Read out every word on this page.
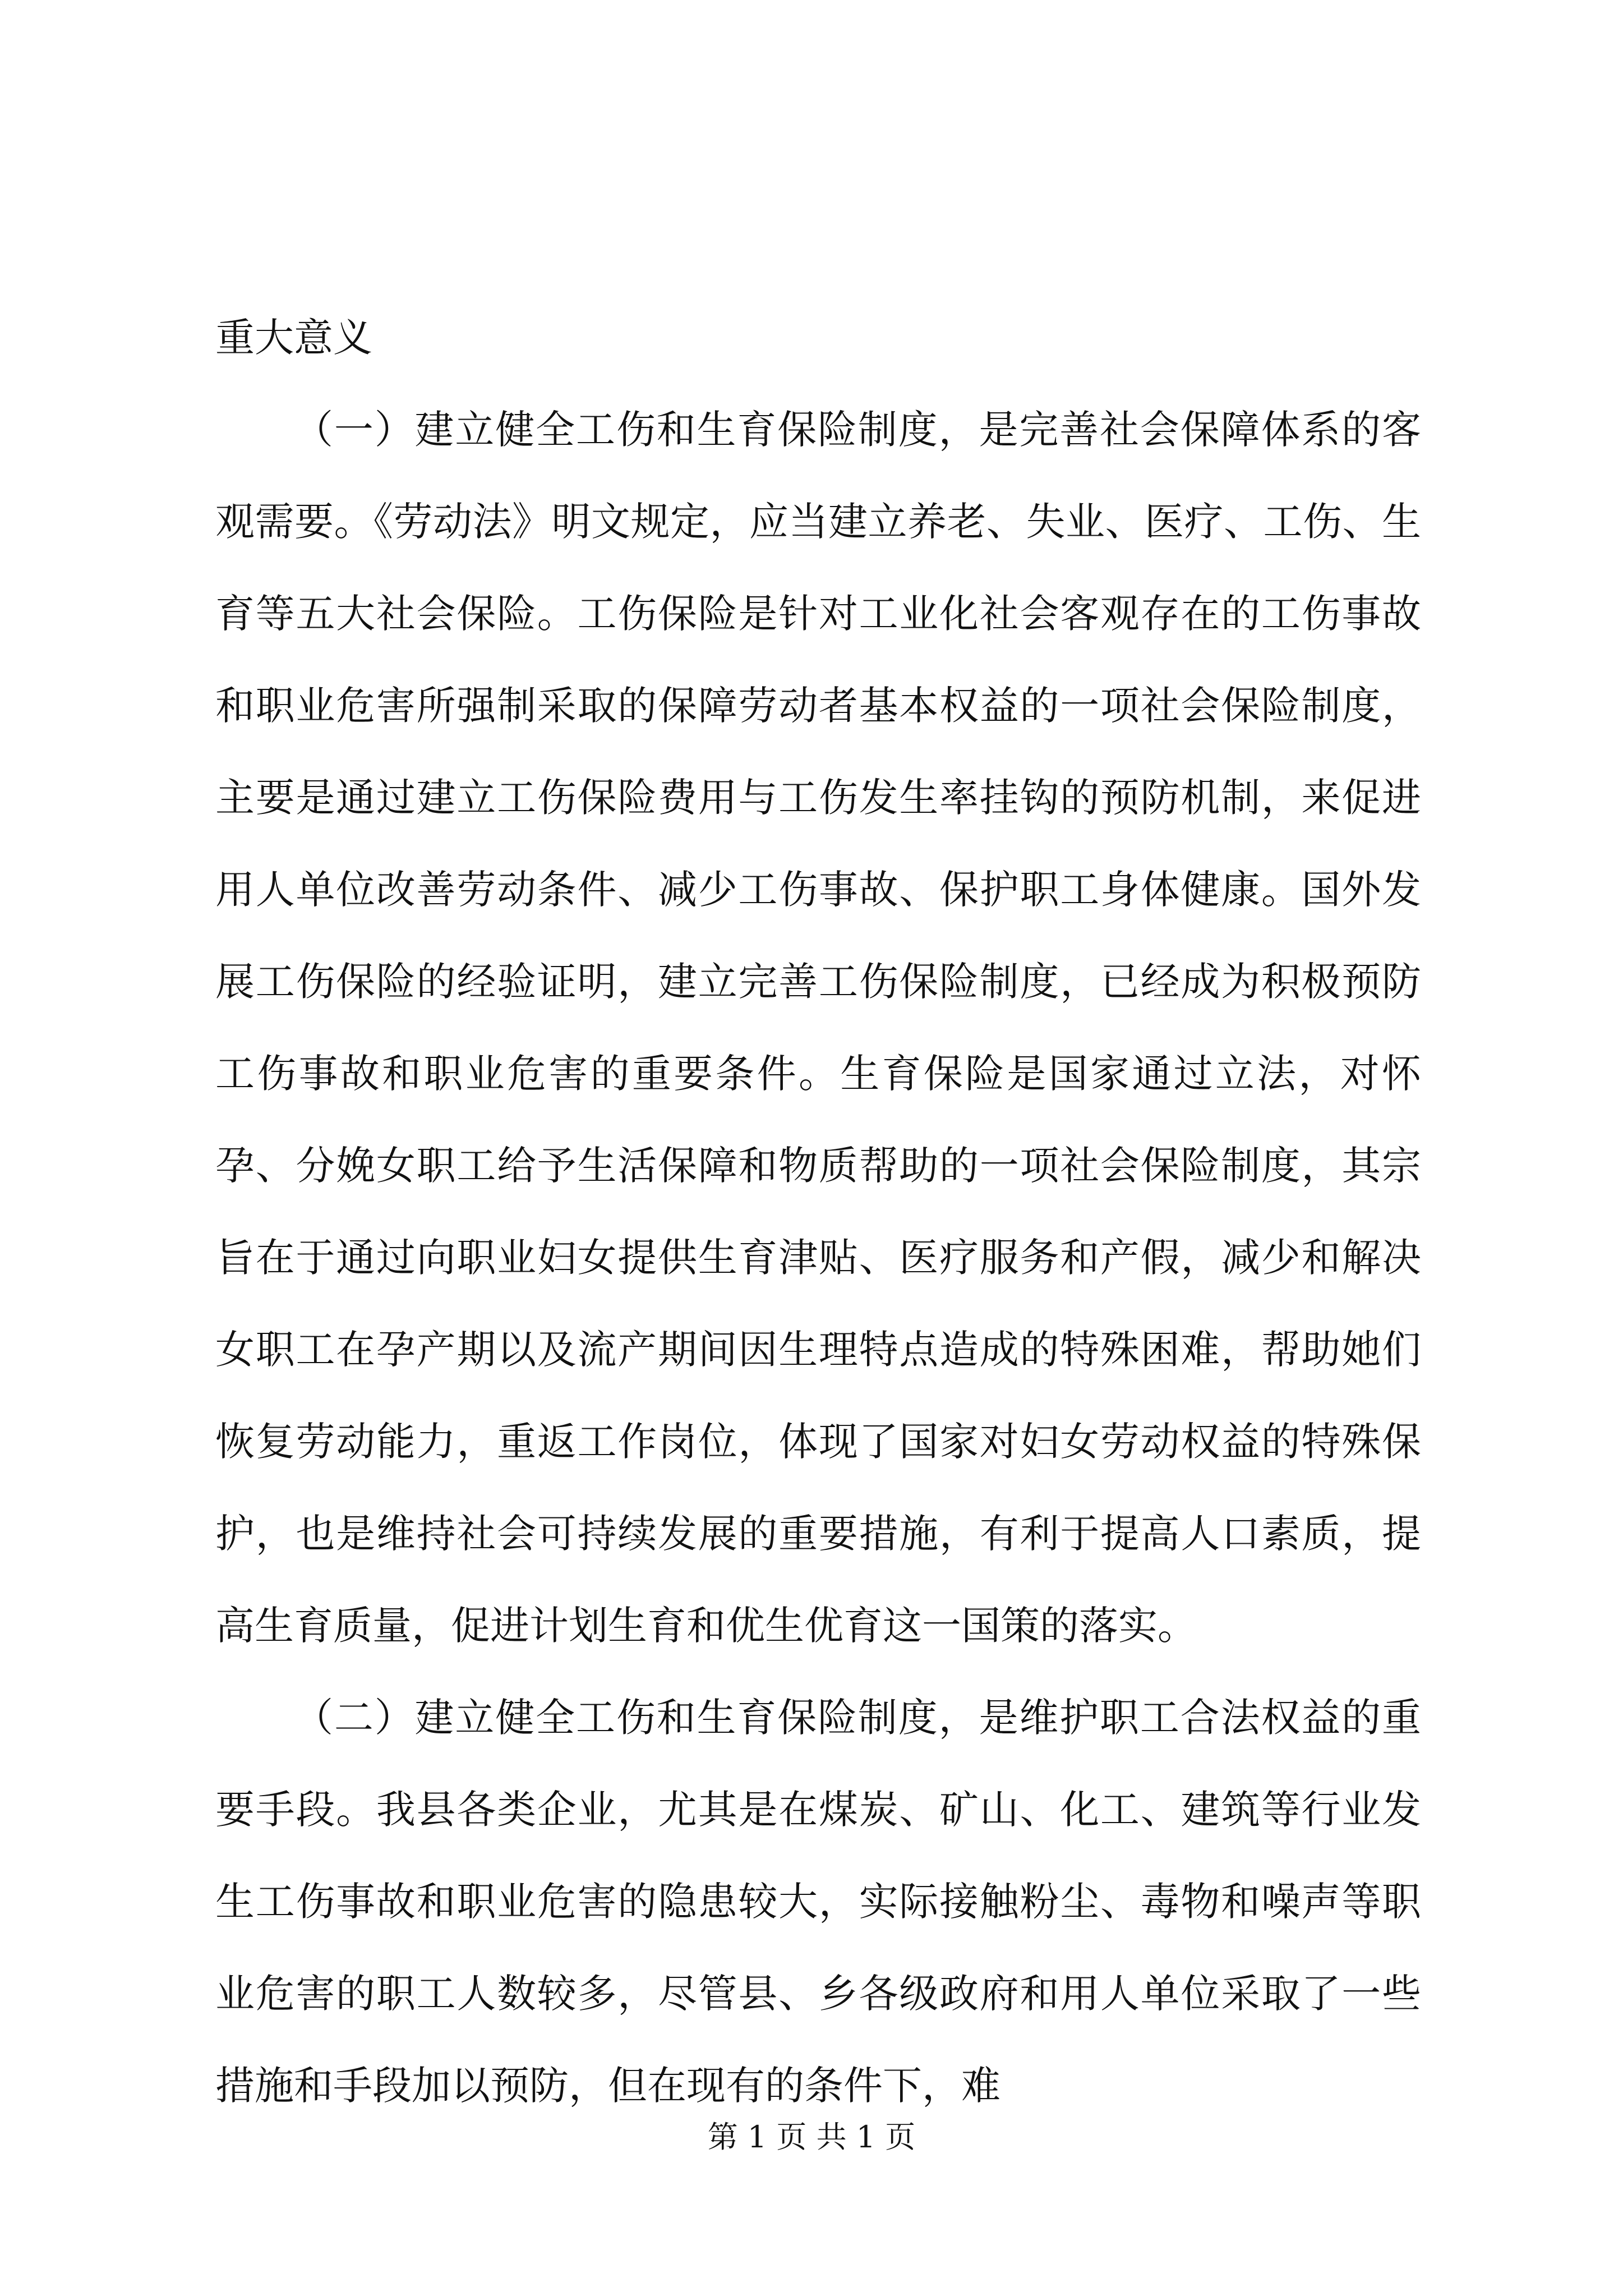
重大意义

（一）建立健全工伤和生育保险制度，是完善社会保障体系的客观需要。《劳动法》明文规定，应当建立养老、失业、医疗、工伤、生育等五大社会保险。工伤保险是针对工业化社会客观存在的工伤事故和职业危害所强制采取的保障劳动者基本权益的一项社会保险制度，主要是通过建立工伤保险费用与工伤发生率挂钩的预防机制，来促进用人单位改善劳动条件、减少工伤事故、保护职工身体健康。国外发展工伤保险的经验证明，建立完善工伤保险制度，已经成为积极预防工伤事故和职业危害的重要条件。生育保险是国家通过立法，对怀孕、分娩女职工给予生活保障和物质帮助的一项社会保险制度，其宗旨在于通过向职业妇女提供生育津贴、医疗服务和产假，减少和解决女职工在孕产期以及流产期间因生理特点造成的特殊困难，帮助她们恢复劳动能力，重返工作岗位，体现了国家对妇女劳动权益的特殊保护，也是维持社会可持续发展的重要措施，有利于提高人口素质，提高生育质量，促进计划生育和优生优育这一国策的落实。

（二）建立健全工伤和生育保险制度，是维护职工合法权益的重要手段。我县各类企业，尤其是在煤炭、矿山、化工、建筑等行业发生工伤事故和职业危害的隐患较大，实际接触粉尘、毒物和噪声等职业危害的职工人数较多，尽管县、乡各级政府和用人单位采取了一些措施和手段加以预防，但在现有的条件下，难

第 1 页 共 1 页
